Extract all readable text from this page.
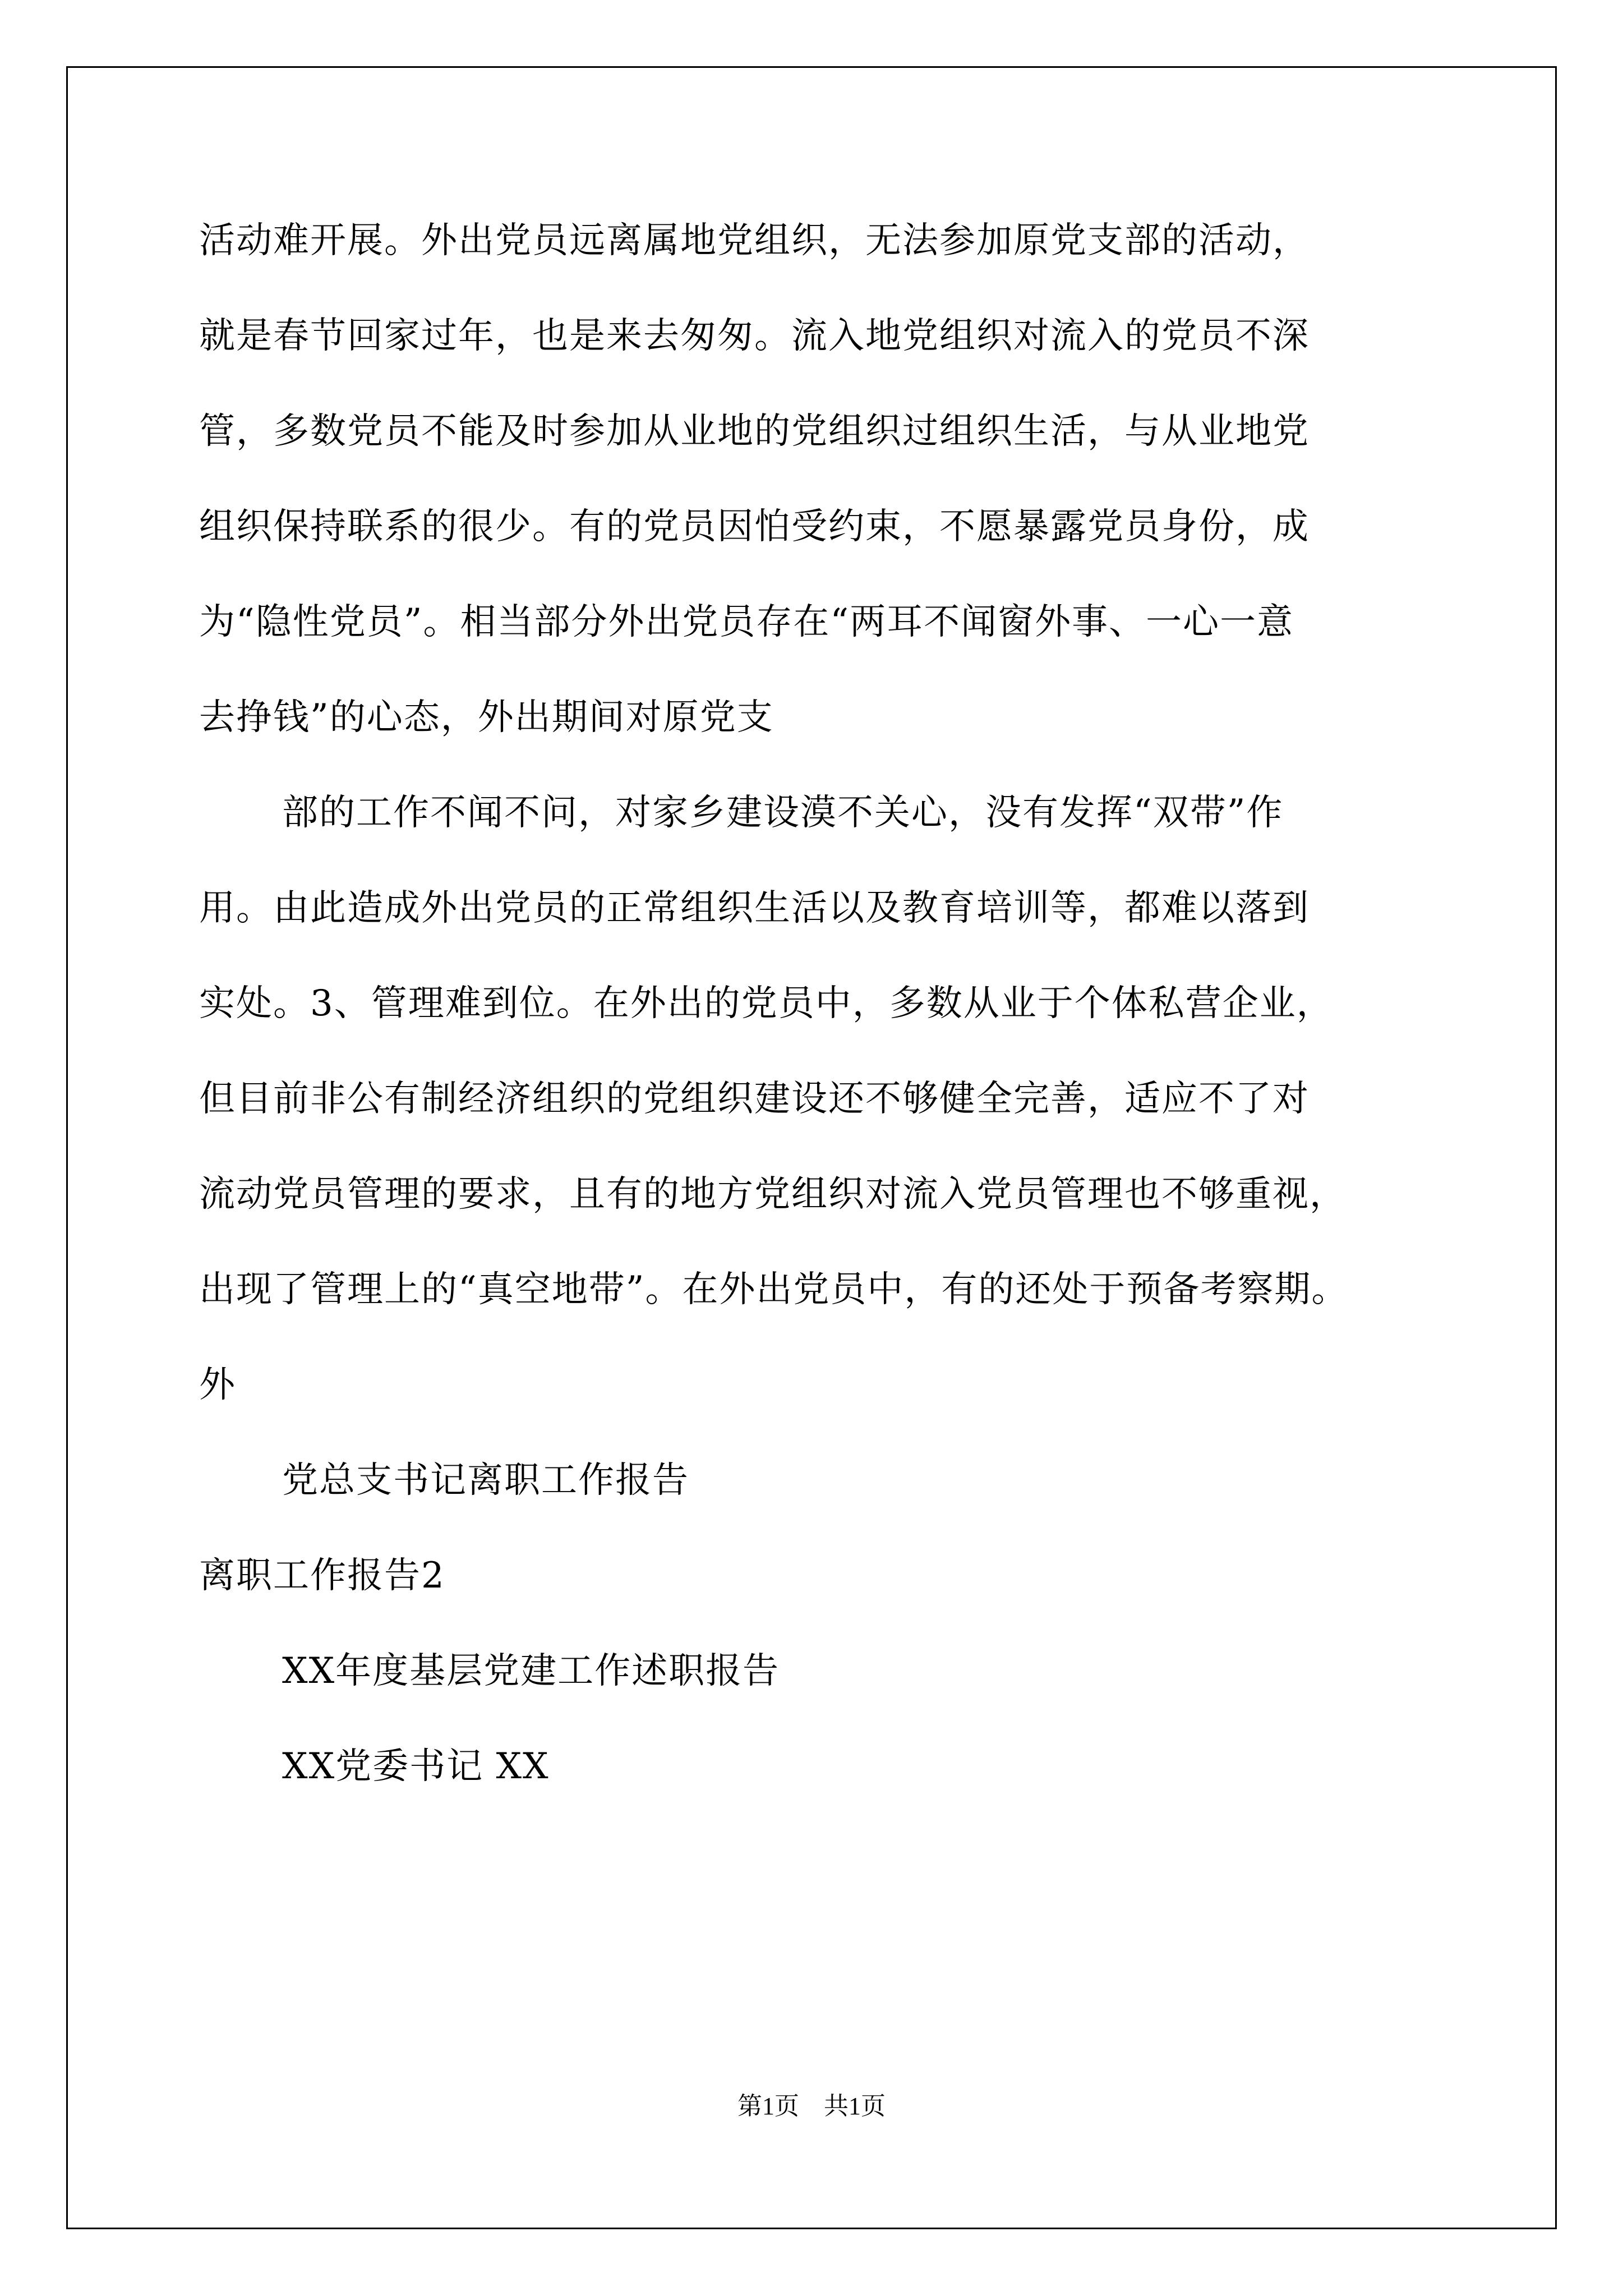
活动难开展。外出党员远离属地党组织，无法参加原党支部的活动，
就是春节回家过年，也是来去匆匆。流入地党组织对流入的党员不深
管，多数党员不能及时参加从业地的党组织过组织生活，与从业地党
组织保持联系的很少。有的党员因怕受约束，不愿暴露党员身份，成
为“隐性党员”。相当部分外出党员存在“两耳不闻窗外事、一心一意
去挣钱”的心态，外出期间对原党支
部的工作不闻不问，对家乡建设漠不关心，没有发挥“双带”作
用。由此造成外出党员的正常组织生活以及教育培训等，都难以落到
实处。3、管理难到位。在外出的党员中，多数从业于个体私营企业，
但目前非公有制经济组织的党组织建设还不够健全完善，适应不了对
流动党员管理的要求，且有的地方党组织对流入党员管理也不够重视，
出现了管理上的“真空地带”。在外出党员中，有的还处于预备考察期。
外
党总支书记离职工作报告
离职工作报告2
XX年度基层党建工作述职报告
XX党委书记 XX
第1页　共1页
